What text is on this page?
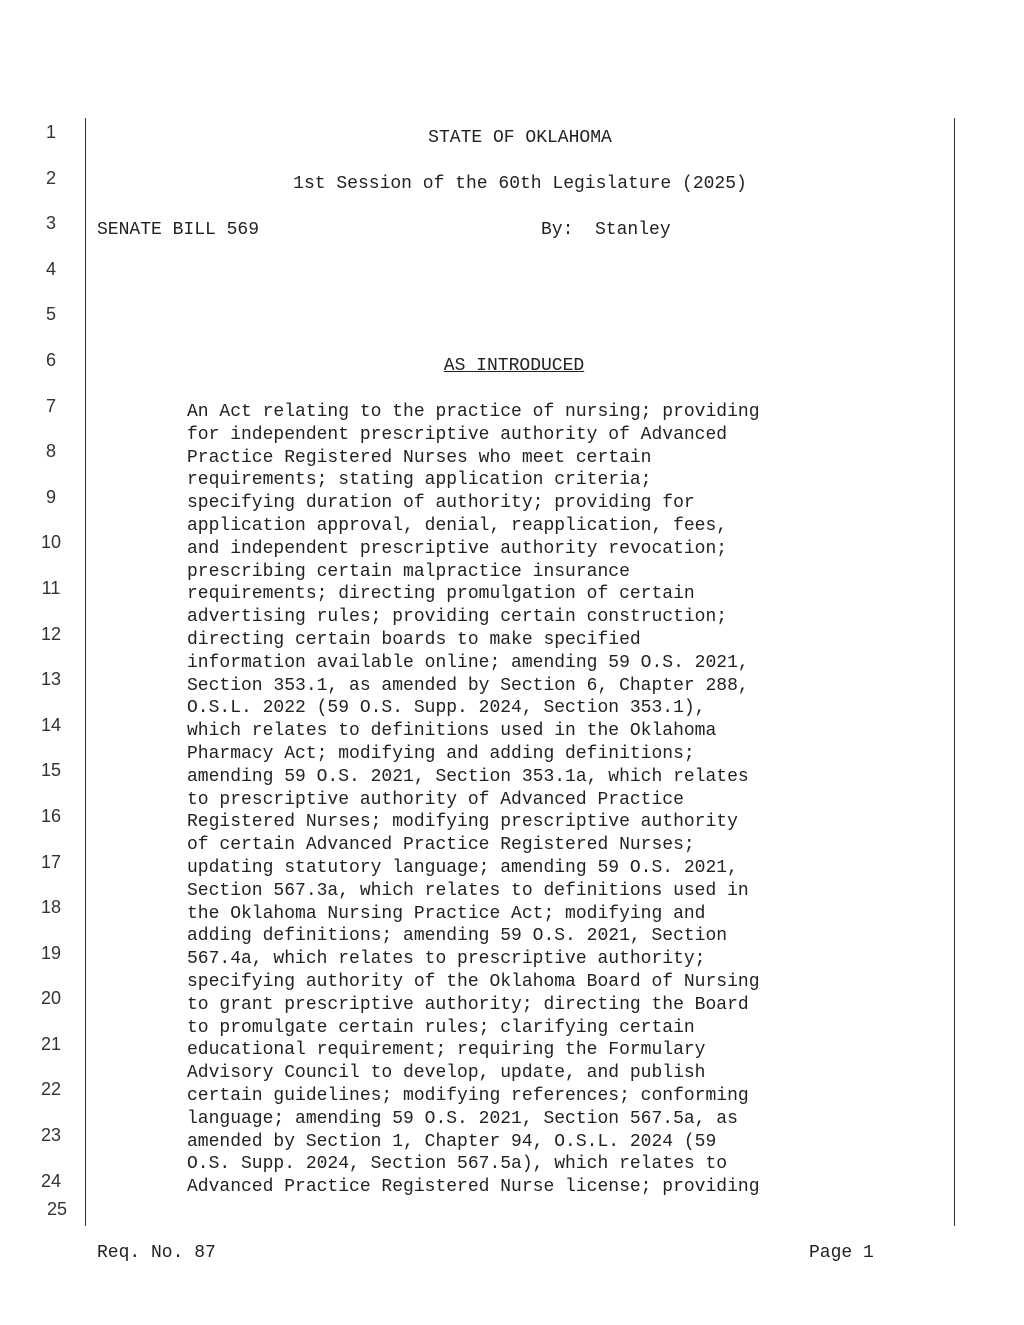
1
2
3
4
5
6
7
8
9
10
11
12
13
14
15
16
17
18
19
20
21
22
23
24
25
STATE OF OKLAHOMA
1st Session of the 60th Legislature (2025)
SENATE BILL 569	By:  Stanley
AS INTRODUCED
An Act relating to the practice of nursing; providing
for independent prescriptive authority of Advanced
Practice Registered Nurses who meet certain
requirements; stating application criteria;
specifying duration of authority; providing for
application approval, denial, reapplication, fees,
and independent prescriptive authority revocation;
prescribing certain malpractice insurance
requirements; directing promulgation of certain
advertising rules; providing certain construction;
directing certain boards to make specified
information available online; amending 59 O.S. 2021,
Section 353.1, as amended by Section 6, Chapter 288,
O.S.L. 2022 (59 O.S. Supp. 2024, Section 353.1),
which relates to definitions used in the Oklahoma
Pharmacy Act; modifying and adding definitions;
amending 59 O.S. 2021, Section 353.1a, which relates
to prescriptive authority of Advanced Practice
Registered Nurses; modifying prescriptive authority
of certain Advanced Practice Registered Nurses;
updating statutory language; amending 59 O.S. 2021,
Section 567.3a, which relates to definitions used in
the Oklahoma Nursing Practice Act; modifying and
adding definitions; amending 59 O.S. 2021, Section
567.4a, which relates to prescriptive authority;
specifying authority of the Oklahoma Board of Nursing
to grant prescriptive authority; directing the Board
to promulgate certain rules; clarifying certain
educational requirement; requiring the Formulary
Advisory Council to develop, update, and publish
certain guidelines; modifying references; conforming
language; amending 59 O.S. 2021, Section 567.5a, as
amended by Section 1, Chapter 94, O.S.L. 2024 (59
O.S. Supp. 2024, Section 567.5a), which relates to
Advanced Practice Registered Nurse license; providing
Req. No. 87	Page 1
